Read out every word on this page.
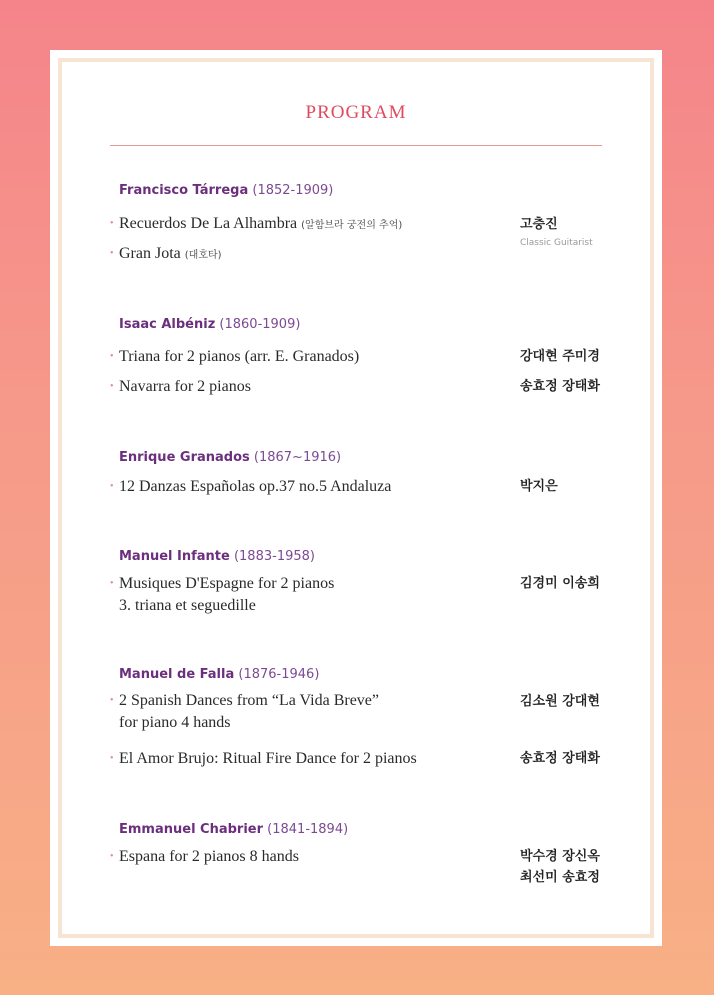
PROGRAM
Francisco Tárrega (1852-1909)
• Recuerdos De La Alhambra (알함브라 궁전의 추억)
• Gran Jota (대호타)
고충진
Classic Guitarist
Isaac Albéniz (1860-1909)
• Triana for 2 pianos (arr. E. Granados)
• Navarra for 2 pianos
강대현 주미경
송효정 장태화
Enrique Granados (1867~1916)
• 12 Danzas Españolas op.37 no.5 Andaluza	박지은
Manuel Infante (1883-1958)
• Musiques D'Espagne for 2 pianos
3. triana et seguedille
김경미 이송희
Manuel de Falla (1876-1946)
• 2 Spanish Dances from “La Vida Breve”
for piano 4 hands
• El Amor Brujo: Ritual Fire Dance for 2 pianos
김소원 강대현
송효정 장태화
Emmanuel Chabrier (1841-1894)
• Espana for 2 pianos 8 hands	박수경 장신옥
최선미 송효정
